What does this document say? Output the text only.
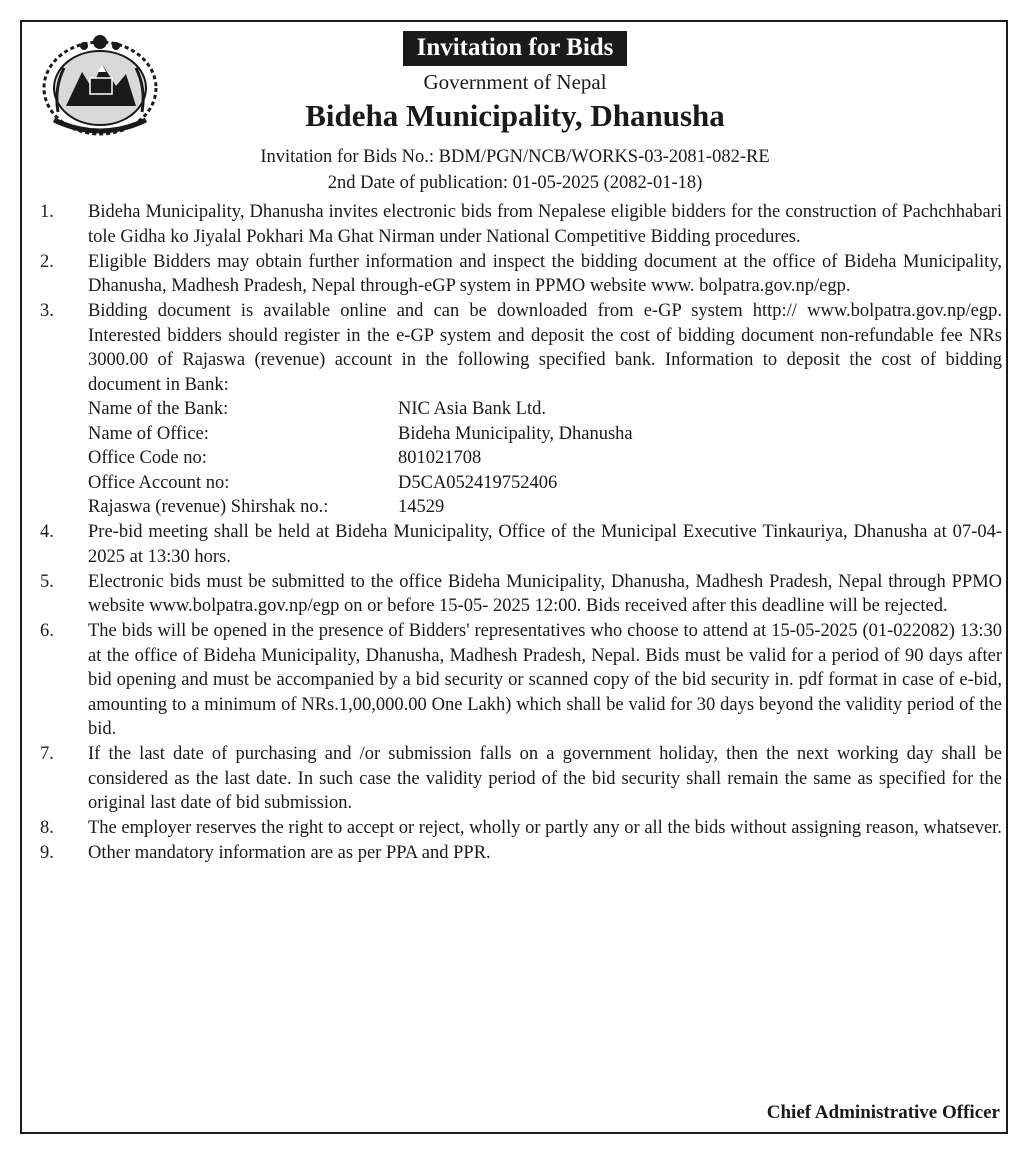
Invitation for Bids
Government of Nepal
Bideha Municipality, Dhanusha
Invitation for Bids No.: BDM/PGN/NCB/WORKS-03-2081-082-RE
2nd Date of publication: 01-05-2025 (2082-01-18)
1. Bideha Municipality, Dhanusha invites electronic bids from Nepalese eligible bidders for the construction of Pachchhabari tole Gidha ko Jiyalal Pokhari Ma Ghat Nirman under National Competitive Bidding procedures.
2. Eligible Bidders may obtain further information and inspect the bidding document at the office of Bideha Municipality, Dhanusha, Madhesh Pradesh, Nepal through-eGP system in PPMO website www. bolpatra.gov.np/egp.
3. Bidding document is available online and can be downloaded from e-GP system http:// www.bolpatra.gov.np/egp. Interested bidders should register in the e-GP system and deposit the cost of bidding document non-refundable fee NRs 3000.00 of Rajaswa (revenue) account in the following specified bank. Information to deposit the cost of bidding document in Bank:
Name of the Bank:	NIC Asia Bank Ltd.
Name of Office:	Bideha Municipality, Dhanusha
Office Code no:	801021708
Office Account no:	D5CA052419752406
Rajaswa (revenue) Shirshak no.:	14529
4. Pre-bid meeting shall be held at Bideha Municipality, Office of the Municipal Executive Tinkauriya, Dhanusha at 07-04-2025 at 13:30 hors.
5. Electronic bids must be submitted to the office Bideha Municipality, Dhanusha, Madhesh Pradesh, Nepal through PPMO website www.bolpatra.gov.np/egp on or before 15-05- 2025 12:00. Bids received after this deadline will be rejected.
6. The bids will be opened in the presence of Bidders' representatives who choose to attend at 15-05-2025 (01-022082) 13:30 at the office of Bideha Municipality, Dhanusha, Madhesh Pradesh, Nepal. Bids must be valid for a period of 90 days after bid opening and must be accompanied by a bid security or scanned copy of the bid security in. pdf format in case of e-bid, amounting to a minimum of NRs.1,00,000.00 One Lakh) which shall be valid for 30 days beyond the validity period of the bid.
7. If the last date of purchasing and /or submission falls on a government holiday, then the next working day shall be considered as the last date. In such case the validity period of the bid security shall remain the same as specified for the original last date of bid submission.
8. The employer reserves the right to accept or reject, wholly or partly any or all the bids without assigning reason, whatsever.
9. Other mandatory information are as per PPA and PPR.
Chief Administrative Officer
